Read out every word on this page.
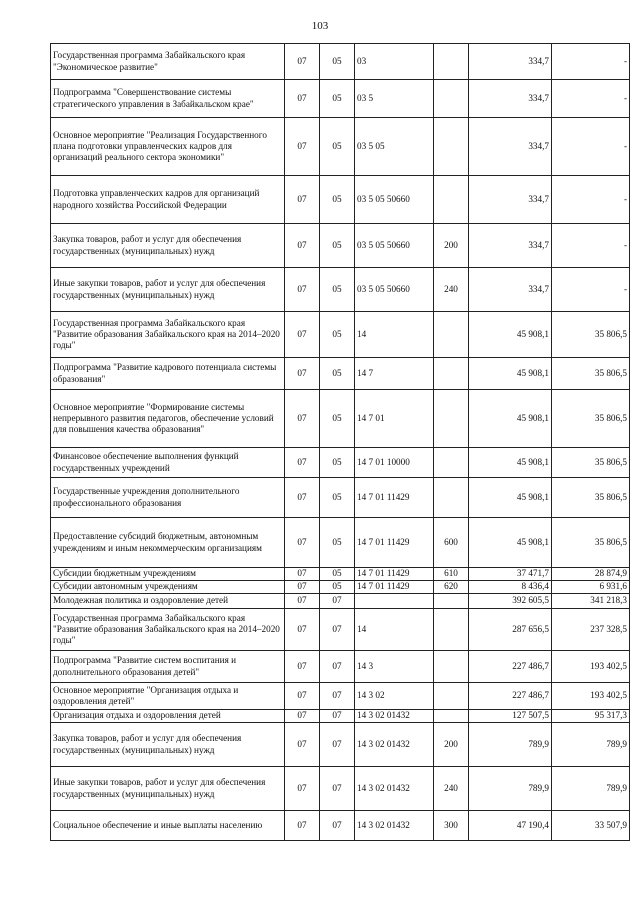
103
Государственная программа Забайкальского края "Экономическое развитие"	07	05	03		334,7	-
Подпрограмма "Совершенствование системы стратегического управления в Забайкальском крае"	07	05	03 5		334,7	-
Основное мероприятие "Реализация Государственного плана подготовки управленческих кадров для организаций реального сектора экономики"	07	05	03 5 05		334,7	-
Подготовка управленческих кадров для организаций народного хозяйства Российской Федерации	07	05	03 5 05 50660		334,7	-
Закупка товаров, работ и услуг для обеспечения государственных (муниципальных) нужд	07	05	03 5 05 50660	200	334,7	-
Иные закупки товаров, работ и услуг для обеспечения государственных (муниципальных) нужд	07	05	03 5 05 50660	240	334,7	-
Государственная программа Забайкальского края "Развитие образования Забайкальского края на 2014–2020 годы"	07	05	14		45 908,1	35 806,5
Подпрограмма "Развитие кадрового потенциала системы образования"	07	05	14 7		45 908,1	35 806,5
Основное мероприятие "Формирование системы непрерывного развития педагогов, обеспечение условий для повышения качества образования"	07	05	14 7 01		45 908,1	35 806,5
Финансовое обеспечение выполнения функций государственных учреждений	07	05	14 7 01 10000		45 908,1	35 806,5
Государственные учреждения дополнительного профессионального образования	07	05	14 7 01 11429		45 908,1	35 806,5
Предоставление субсидий бюджетным, автономным учреждениям и иным некоммерческим организациям	07	05	14 7 01 11429	600	45 908,1	35 806,5
Субсидии бюджетным учреждениям	07	05	14 7 01 11429	610	37 471,7	28 874,9
Субсидии автономным учреждениям	07	05	14 7 01 11429	620	8 436,4	6 931,6
Молодежная политика и оздоровление детей	07	07			392 605,5	341 218,3
Государственная программа Забайкальского края "Развитие образования Забайкальского края на 2014–2020 годы"	07	07	14		287 656,5	237 328,5
Подпрограмма "Развитие систем воспитания и дополнительного образования детей"	07	07	14 3		227 486,7	193 402,5
Основное мероприятие "Организация отдыха и оздоровления детей"	07	07	14 3 02		227 486,7	193 402,5
Организация отдыха и оздоровления детей	07	07	14 3 02 01432		127 507,5	95 317,3
Закупка товаров, работ и услуг для обеспечения государственных (муниципальных) нужд	07	07	14 3 02 01432	200	789,9	789,9
Иные закупки товаров, работ и услуг для обеспечения государственных (муниципальных) нужд	07	07	14 3 02 01432	240	789,9	789,9
Социальное обеспечение и иные выплаты населению	07	07	14 3 02 01432	300	47 190,4	33 507,9
